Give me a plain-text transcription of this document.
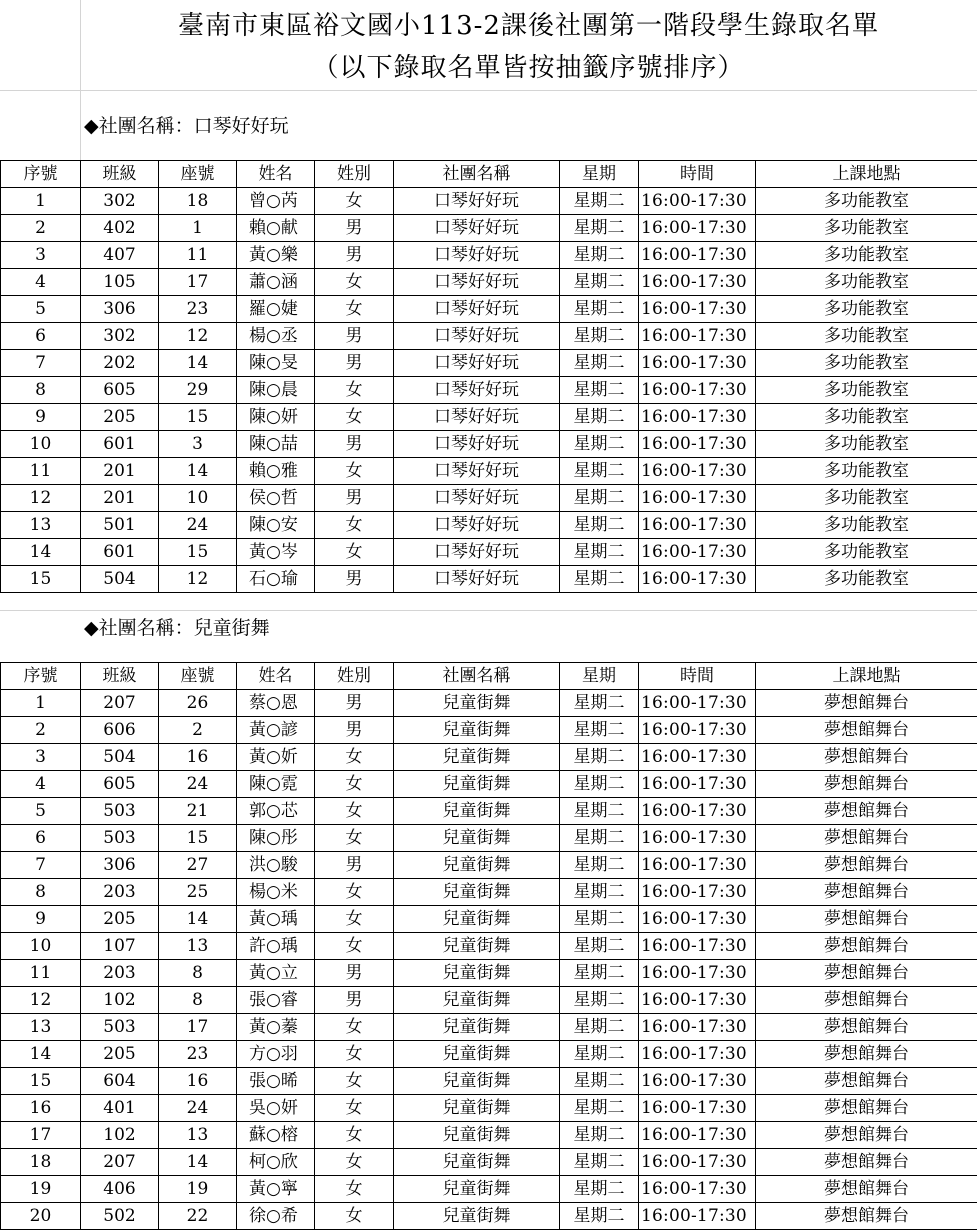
臺南市東區裕文國小113-2課後社團第一階段學生錄取名單
（以下錄取名單皆按抽籤序號排序）
◆社團名稱：口琴好好玩
序號	班級	座號	姓名	姓別	社團名稱	星期	時間	上課地點
1	302	18	曾○芮	女	口琴好好玩	星期二	16:00-17:30	多功能教室
2	402	1	賴○献	男	口琴好好玩	星期二	16:00-17:30	多功能教室
3	407	11	黃○樂	男	口琴好好玩	星期二	16:00-17:30	多功能教室
4	105	17	蕭○涵	女	口琴好好玩	星期二	16:00-17:30	多功能教室
5	306	23	羅○婕	女	口琴好好玩	星期二	16:00-17:30	多功能教室
6	302	12	楊○丞	男	口琴好好玩	星期二	16:00-17:30	多功能教室
7	202	14	陳○旻	男	口琴好好玩	星期二	16:00-17:30	多功能教室
8	605	29	陳○晨	女	口琴好好玩	星期二	16:00-17:30	多功能教室
9	205	15	陳○妍	女	口琴好好玩	星期二	16:00-17:30	多功能教室
10	601	3	陳○喆	男	口琴好好玩	星期二	16:00-17:30	多功能教室
11	201	14	賴○雅	女	口琴好好玩	星期二	16:00-17:30	多功能教室
12	201	10	侯○哲	男	口琴好好玩	星期二	16:00-17:30	多功能教室
13	501	24	陳○安	女	口琴好好玩	星期二	16:00-17:30	多功能教室
14	601	15	黃○岑	女	口琴好好玩	星期二	16:00-17:30	多功能教室
15	504	12	石○瑜	男	口琴好好玩	星期二	16:00-17:30	多功能教室
◆社團名稱：兒童街舞
序號	班級	座號	姓名	姓別	社團名稱	星期	時間	上課地點
1	207	26	蔡○恩	男	兒童街舞	星期二	16:00-17:30	夢想館舞台
2	606	2	黃○諺	男	兒童街舞	星期二	16:00-17:30	夢想館舞台
3	504	16	黃○妡	女	兒童街舞	星期二	16:00-17:30	夢想館舞台
4	605	24	陳○霓	女	兒童街舞	星期二	16:00-17:30	夢想館舞台
5	503	21	郭○芯	女	兒童街舞	星期二	16:00-17:30	夢想館舞台
6	503	15	陳○彤	女	兒童街舞	星期二	16:00-17:30	夢想館舞台
7	306	27	洪○駿	男	兒童街舞	星期二	16:00-17:30	夢想館舞台
8	203	25	楊○米	女	兒童街舞	星期二	16:00-17:30	夢想館舞台
9	205	14	黃○瑀	女	兒童街舞	星期二	16:00-17:30	夢想館舞台
10	107	13	許○瑀	女	兒童街舞	星期二	16:00-17:30	夢想館舞台
11	203	8	黃○立	男	兒童街舞	星期二	16:00-17:30	夢想館舞台
12	102	8	張○睿	男	兒童街舞	星期二	16:00-17:30	夢想館舞台
13	503	17	黃○蓁	女	兒童街舞	星期二	16:00-17:30	夢想館舞台
14	205	23	方○羽	女	兒童街舞	星期二	16:00-17:30	夢想館舞台
15	604	16	張○晞	女	兒童街舞	星期二	16:00-17:30	夢想館舞台
16	401	24	吳○妍	女	兒童街舞	星期二	16:00-17:30	夢想館舞台
17	102	13	蘇○榕	女	兒童街舞	星期二	16:00-17:30	夢想館舞台
18	207	14	柯○欣	女	兒童街舞	星期二	16:00-17:30	夢想館舞台
19	406	19	黃○寧	女	兒童街舞	星期二	16:00-17:30	夢想館舞台
20	502	22	徐○希	女	兒童街舞	星期二	16:00-17:30	夢想館舞台
